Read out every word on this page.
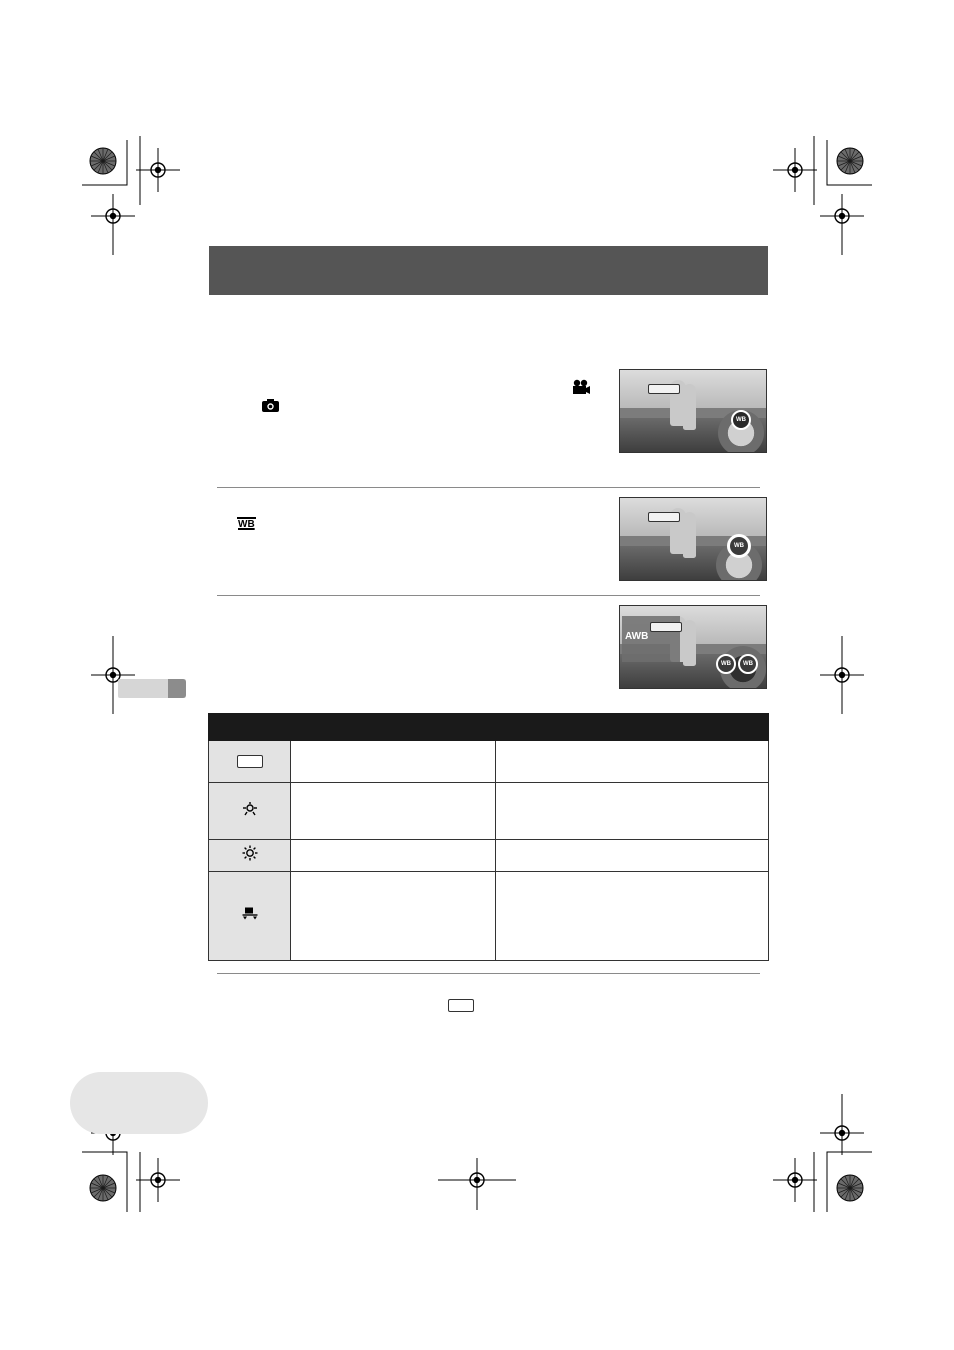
WB
WB
WB
AWB
WB	WB
